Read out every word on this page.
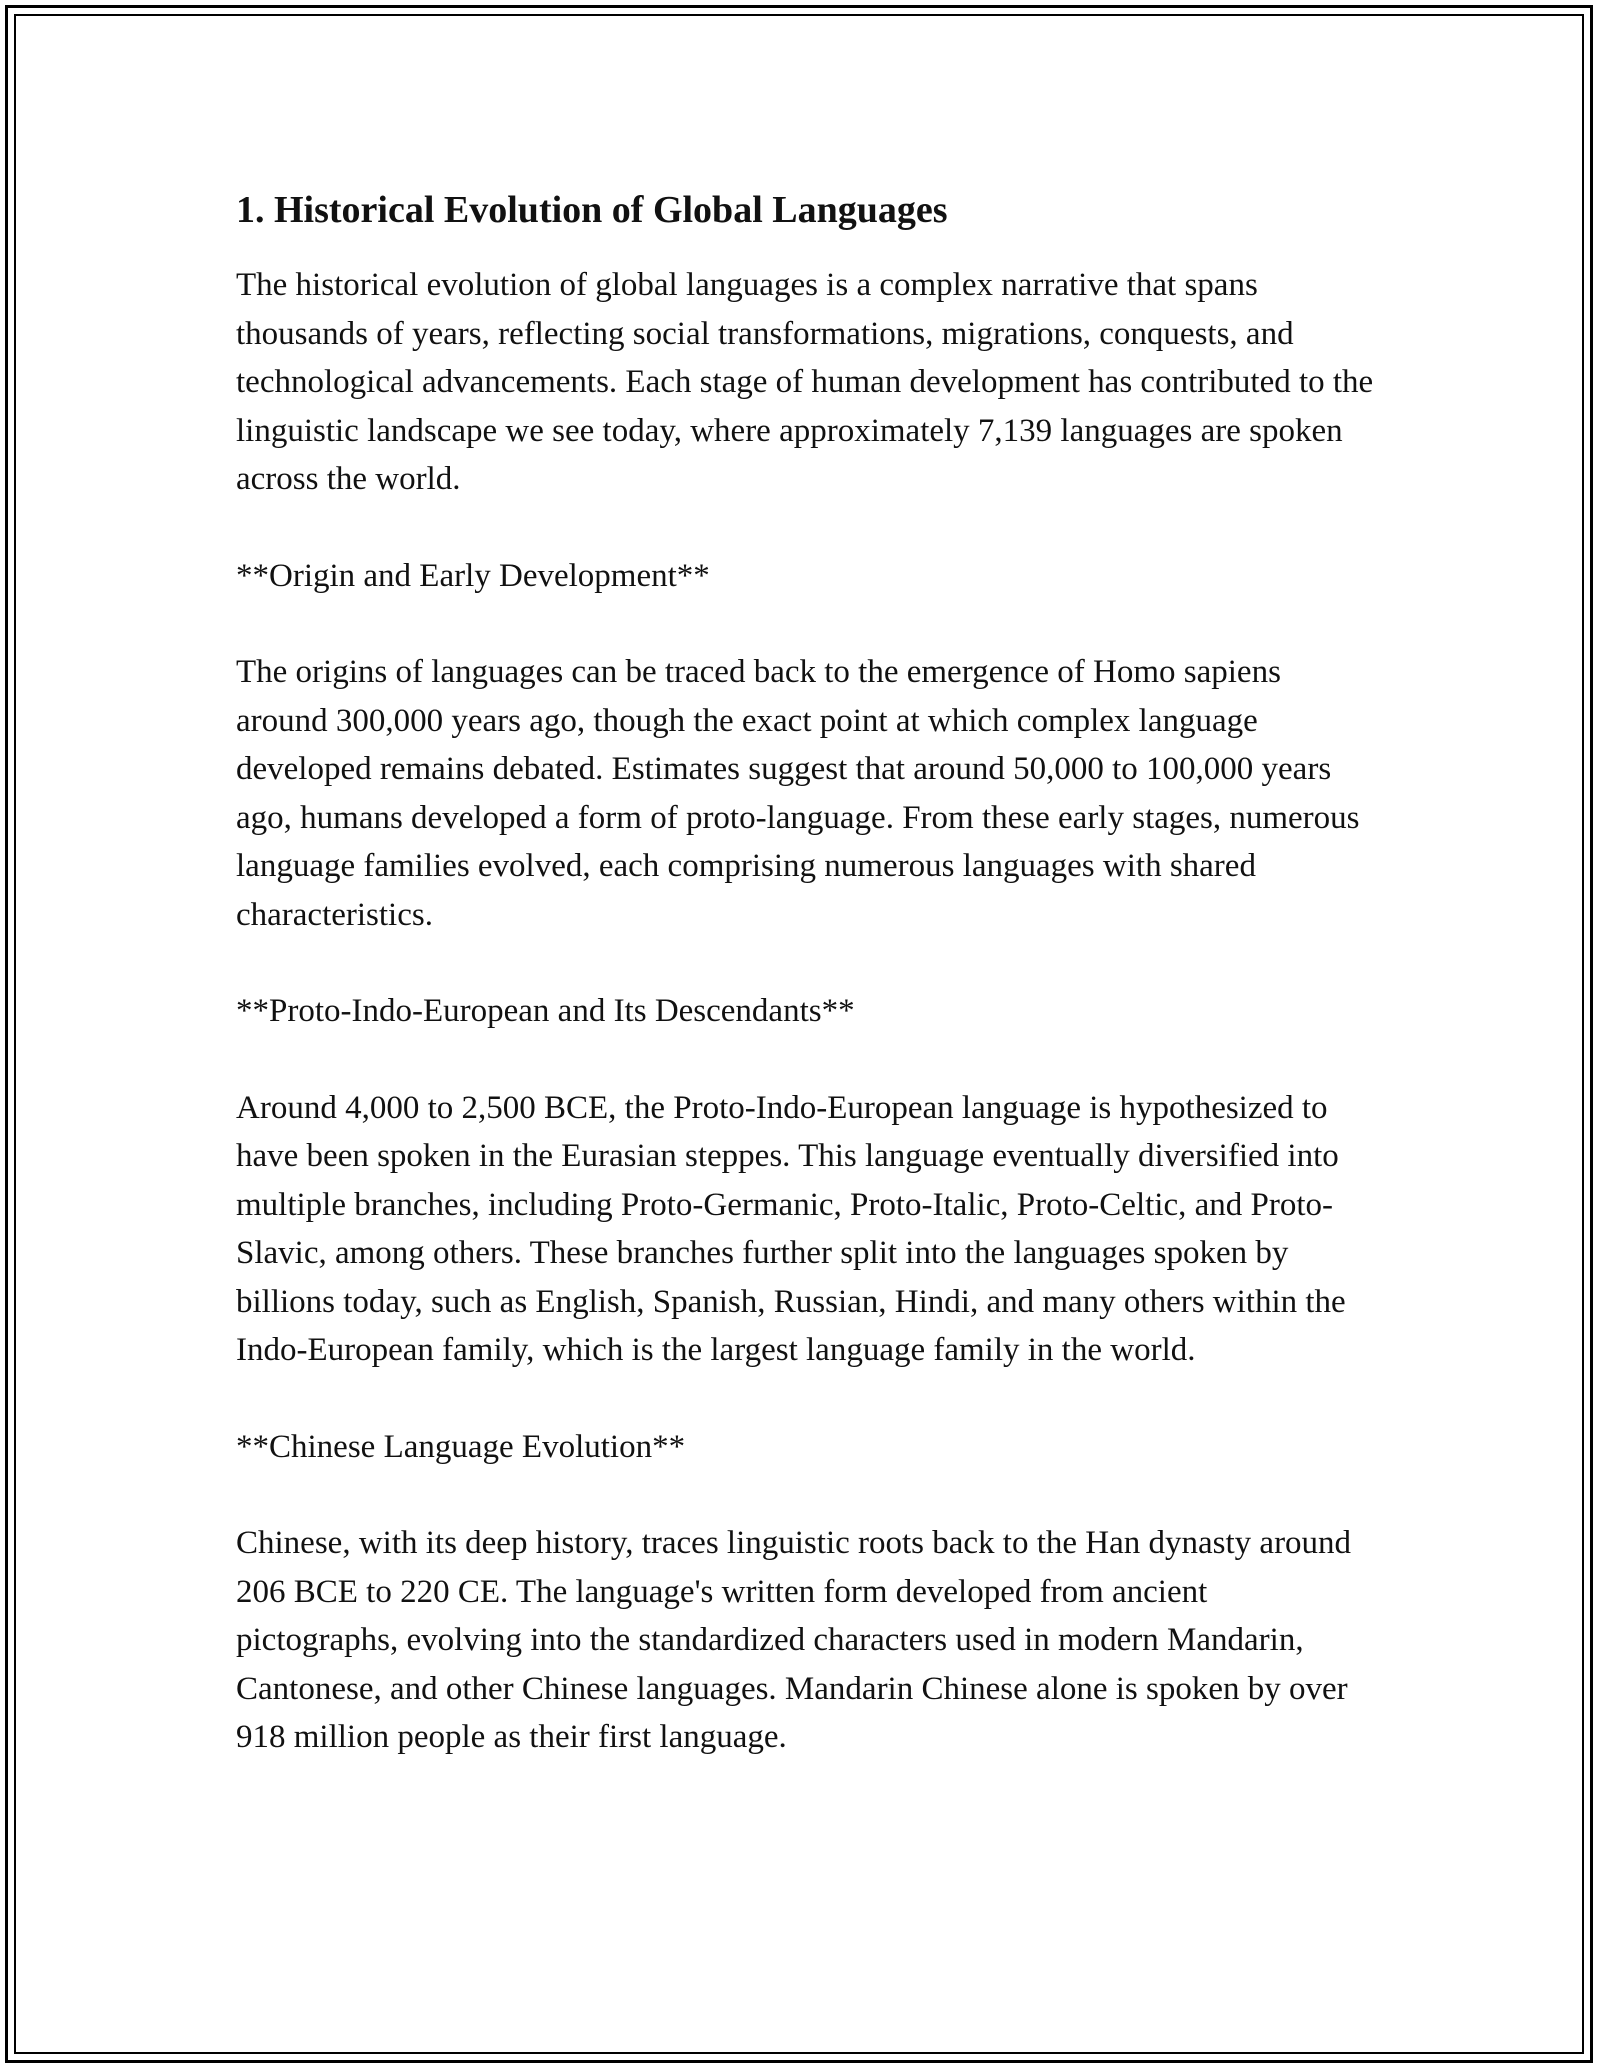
1. Historical Evolution of Global Languages

The historical evolution of global languages is a complex narrative that spans thousands of years, reflecting social transformations, migrations, conquests, and technological advancements. Each stage of human development has contributed to the linguistic landscape we see today, where approximately 7,139 languages are spoken across the world.

**Origin and Early Development**

The origins of languages can be traced back to the emergence of Homo sapiens around 300,000 years ago, though the exact point at which complex language developed remains debated. Estimates suggest that around 50,000 to 100,000 years ago, humans developed a form of proto-language. From these early stages, numerous language families evolved, each comprising numerous languages with shared characteristics.

**Proto-Indo-European and Its Descendants**

Around 4,000 to 2,500 BCE, the Proto-Indo-European language is hypothesized to have been spoken in the Eurasian steppes. This language eventually diversified into multiple branches, including Proto-Germanic, Proto-Italic, Proto-Celtic, and Proto-Slavic, among others. These branches further split into the languages spoken by billions today, such as English, Spanish, Russian, Hindi, and many others within the Indo-European family, which is the largest language family in the world.

**Chinese Language Evolution**

Chinese, with its deep history, traces linguistic roots back to the Han dynasty around 206 BCE to 220 CE. The language's written form developed from ancient pictographs, evolving into the standardized characters used in modern Mandarin, Cantonese, and other Chinese languages. Mandarin Chinese alone is spoken by over 918 million people as their first language.
